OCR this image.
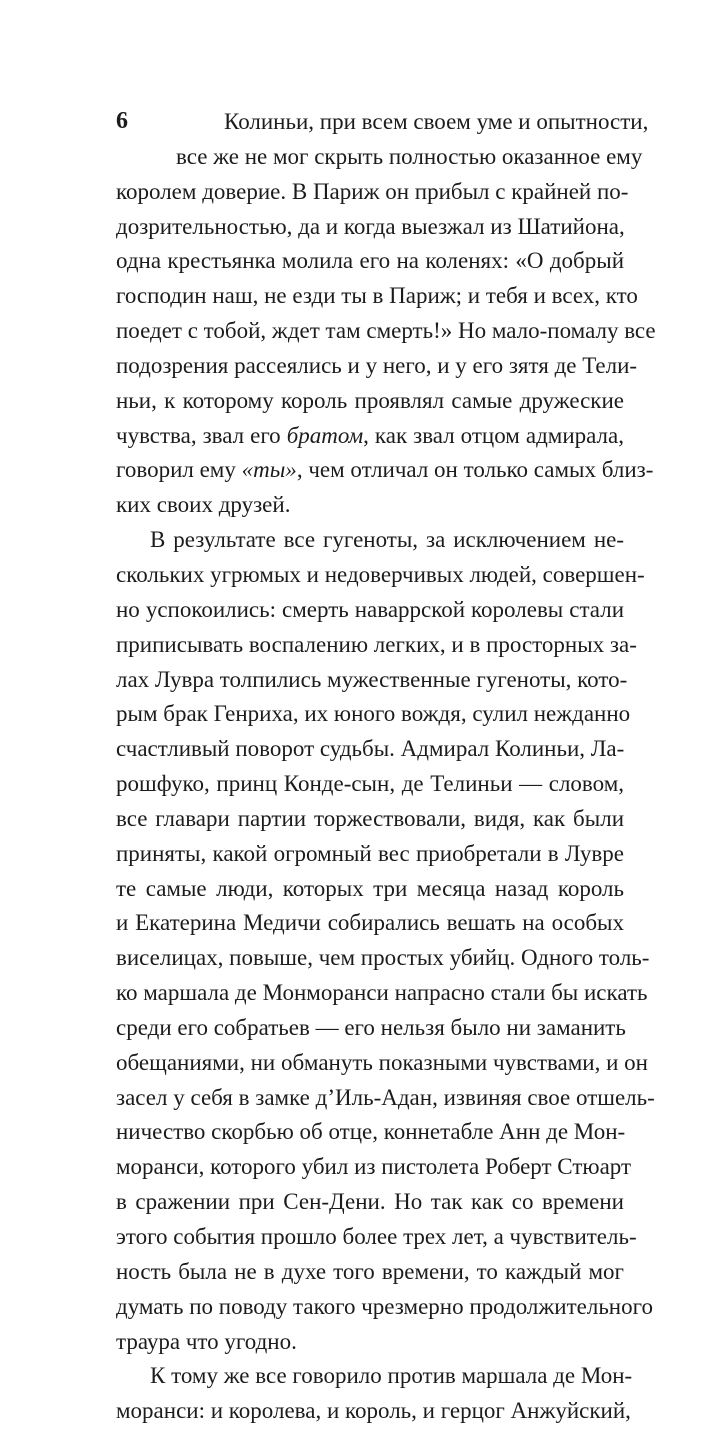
6	Колиньи, при всем своем уме и опытности,
все же не мог скрыть полностью оказанное ему
королем доверие. В Париж он прибыл с крайней по-
дозрительностью, да и когда выезжал из Шатийона,
одна крестьянка молила его на коленях: «О добрый
господин наш, не езди ты в Париж; и тебя и всех, кто
поедет с тобой, ждет там смерть!» Но мало-помалу все
подозрения рассеялись и у него, и у его зятя де Тели-
ньи, к которому король проявлял самые дружеские
чувства, звал его братом, как звал отцом адмирала,
говорил ему «ты», чем отличал он только самых близ-
ких своих друзей.
В результате все гугеноты, за исключением не-
скольких угрюмых и недоверчивых людей, совершен-
но успокоились: смерть наваррской королевы стали
приписывать воспалению легких, и в просторных за-
лах Лувра толпились мужественные гугеноты, кото-
рым брак Генриха, их юного вождя, сулил нежданно
счастливый поворот судьбы. Адмирал Колиньи, Ла-
рошфуко, принц Конде-сын, де Телиньи — словом,
все главари партии торжествовали, видя, как были
приняты, какой огромный вес приобретали в Лувре
те самые люди, которых три месяца назад король
и Екатерина Медичи собирались вешать на особых
виселицах, повыше, чем простых убийц. Одного толь-
ко маршала де Монморанси напрасно стали бы искать
среди его собратьев — его нельзя было ни заманить
обещаниями, ни обмануть показными чувствами, и он
засел у себя в замке д’Иль-Адан, извиняя свое отшель-
ничество скорбью об отце, коннетабле Анн де Мон-
моранси, которого убил из пистолета Роберт Стюарт
в сражении при Сен-Дени. Но так как со времени
этого события прошло более трех лет, а чувствитель-
ность была не в духе того времени, то каждый мог
думать по поводу такого чрезмерно продолжительного
траура что угодно.
К тому же все говорило против маршала де Мон-
моранси: и королева, и король, и герцог Анжуйский,
